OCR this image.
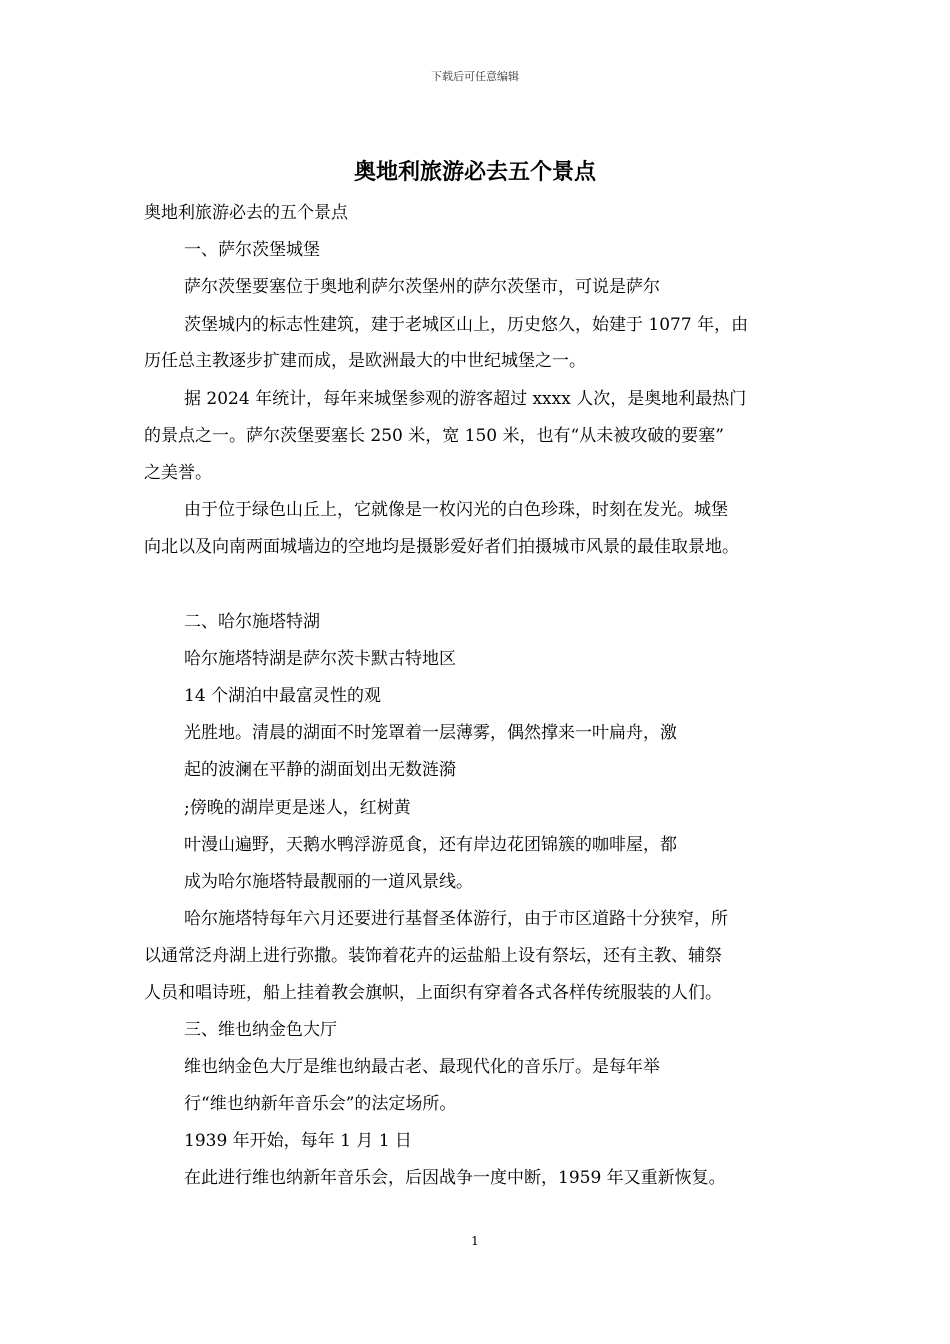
下载后可任意编辑
奥地利旅游必去五个景点
奥地利旅游必去的五个景点
一、萨尔茨堡城堡
萨尔茨堡要塞位于奥地利萨尔茨堡州的萨尔茨堡市，可说是萨尔
茨堡城内的标志性建筑，建于老城区山上，历史悠久，始建于 1077 年，由
历任总主教逐步扩建而成，是欧洲最大的中世纪城堡之一。
据 2024 年统计，每年来城堡参观的游客超过 xxxx 人次，是奥地利最热门
的景点之一。萨尔茨堡要塞长 250 米，宽 150 米，也有“从未被攻破的要塞”
之美誉。
由于位于绿色山丘上，它就像是一枚闪光的白色珍珠，时刻在发光。城堡
向北以及向南两面城墙边的空地均是摄影爱好者们拍摄城市风景的最佳取景地。
二、哈尔施塔特湖
哈尔施塔特湖是萨尔茨卡默古特地区
14 个湖泊中最富灵性的观
光胜地。清晨的湖面不时笼罩着一层薄雾，偶然撑来一叶扁舟，激
起的波澜在平静的湖面划出无数涟漪
;傍晚的湖岸更是迷人，红树黄
叶漫山遍野，天鹅水鸭浮游觅食，还有岸边花团锦簇的咖啡屋，都
成为哈尔施塔特最靓丽的一道风景线。
哈尔施塔特每年六月还要进行基督圣体游行，由于市区道路十分狭窄，所
以通常泛舟湖上进行弥撒。装饰着花卉的运盐船上设有祭坛，还有主教、辅祭
人员和唱诗班，船上挂着教会旗帜，上面织有穿着各式各样传统服装的人们。
三、维也纳金色大厅
维也纳金色大厅是维也纳最古老、最现代化的音乐厅。是每年举
行“维也纳新年音乐会”的法定场所。
1939 年开始，每年 1 月 1 日
在此进行维也纳新年音乐会，后因战争一度中断，1959 年又重新恢复。
1
